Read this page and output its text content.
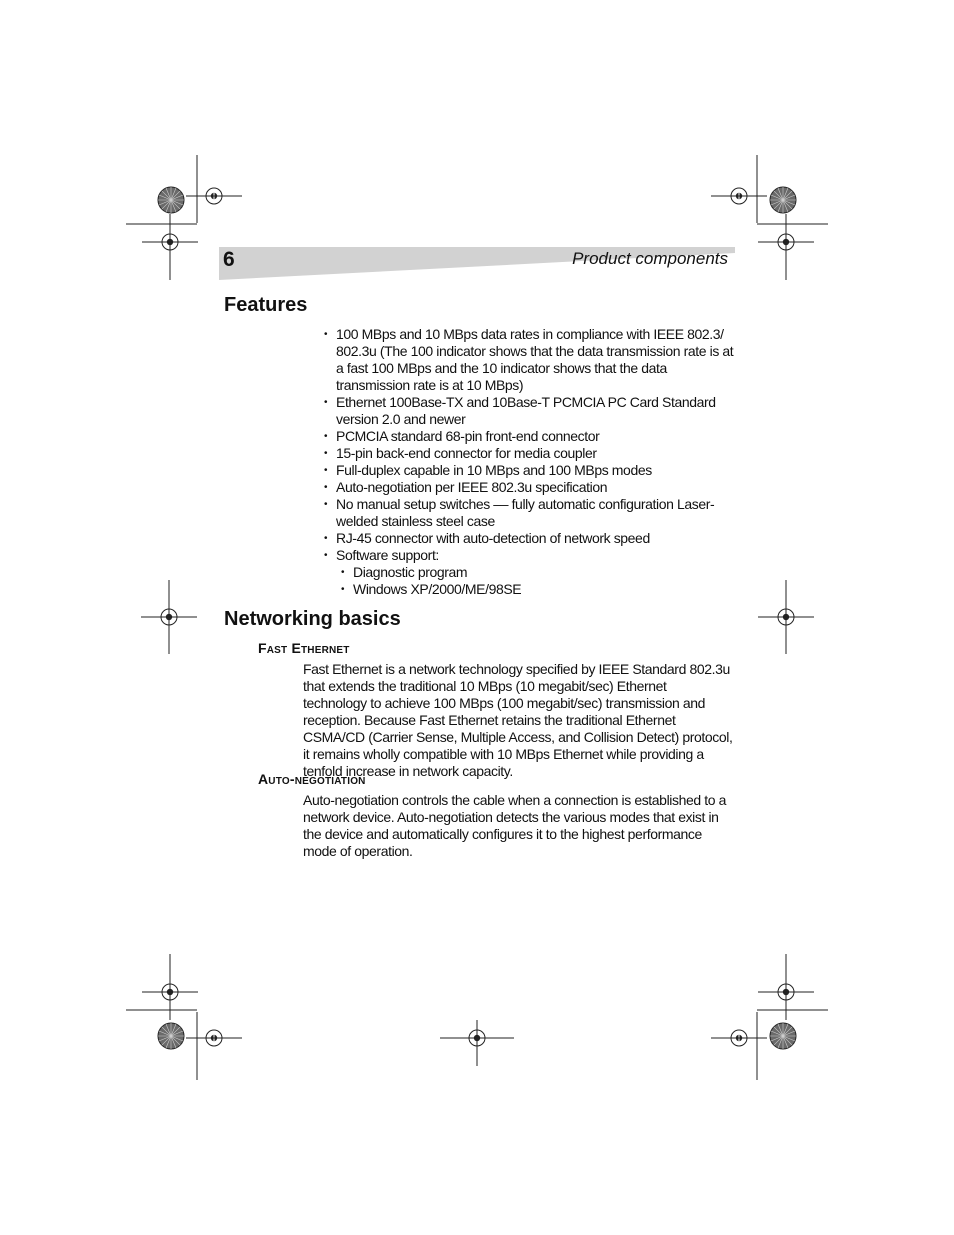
6	Product components
Features
• 100 MBps and 10 MBps data rates in compliance with IEEE 802.3/ 802.3u (The 100 indicator shows that the data transmission rate is at a fast 100 MBps and the 10 indicator shows that the data transmission rate is at 10 MBps)
• Ethernet 100Base-TX and 10Base-T PCMCIA PC Card Standard version 2.0 and newer
• PCMCIA standard 68-pin front-end connector
• 15-pin back-end connector for media coupler
• Full-duplex capable in 10 MBps and 100 MBps modes
• Auto-negotiation per IEEE 802.3u specification
• No manual setup switches –– fully automatic configuration Laser-welded stainless steel case
• RJ-45 connector with auto-detection of network speed
• Software support:
• Diagnostic program
• Windows XP/2000/ME/98SE
Networking basics
Fast Ethernet

Fast Ethernet is a network technology specified by IEEE Standard 802.3u that extends the traditional 10 MBps (10 megabit/sec) Ethernet technology to achieve 100 MBps (100 megabit/sec) transmission and reception. Because Fast Ethernet retains the traditional Ethernet CSMA/CD (Carrier Sense, Multiple Access, and Collision Detect) protocol, it remains wholly compatible with 10 MBps Ethernet while providing a tenfold increase in network capacity.

Auto-negotiation

Auto-negotiation controls the cable when a connection is established to a network device. Auto-negotiation detects the various modes that exist in the device and automatically configures it to the highest performance mode of operation.
